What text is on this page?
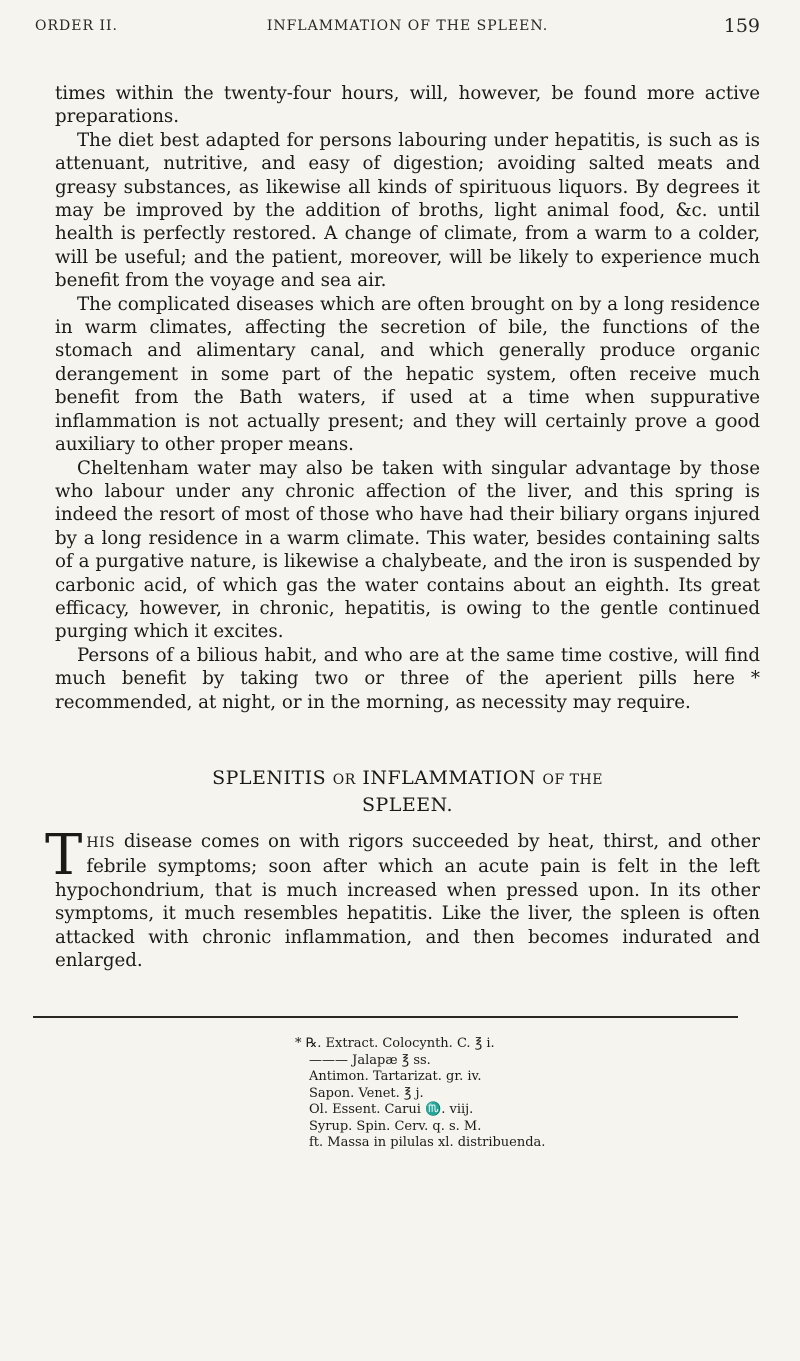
ORDER II.	INFLAMMATION OF THE SPLEEN.	159

times within the twenty-four hours, will, however, be found more active preparations.

The diet best adapted for persons labouring under hepatitis, is such as is attenuant, nutritive, and easy of digestion; avoiding salted meats and greasy substances, as likewise all kinds of spirituous liquors. By degrees it may be improved by the addition of broths, light animal food, &c. until health is perfectly restored. A change of climate, from a warm to a colder, will be useful; and the patient, moreover, will be likely to experience much benefit from the voyage and sea air.

The complicated diseases which are often brought on by a long residence in warm climates, affecting the secretion of bile, the functions of the stomach and alimentary canal, and which generally produce organic derangement in some part of the hepatic system, often receive much benefit from the Bath waters, if used at a time when suppurative inflammation is not actually present; and they will certainly prove a good auxiliary to other proper means.

Cheltenham water may also be taken with singular advantage by those who labour under any chronic affection of the liver, and this spring is indeed the resort of most of those who have had their biliary organs injured by a long residence in a warm climate. This water, besides containing salts of a purgative nature, is likewise a chalybeate, and the iron is suspended by carbonic acid, of which gas the water contains about an eighth. Its great efficacy, however, in chronic, hepatitis, is owing to the gentle continued purging which it excites.

Persons of a bilious habit, and who are at the same time costive, will find much benefit by taking two or three of the aperient pills here * recommended, at night, or in the morning, as necessity may require.

SPLENITIS OR INFLAMMATION OF THE
SPLEEN.
T HIS disease comes on with rigors succeeded by heat, thirst, and other febrile symptoms; soon after which an acute pain is felt in the left hypochondrium, that is much increased when pressed upon. In its other symptoms, it much resembles hepatitis. Like the liver, the spleen is often attacked with chronic inflammation, and then becomes indurated and enlarged.

* ℞. Extract. Colocynth. C. ℥ i.
——— Jalapæ ℥ ss.
Antimon. Tartarizat. gr. iv.
Sapon. Venet. ℥ j.
Ol. Essent. Carui ♏. viij.
Syrup. Spin. Cerv. q. s. M.
ft. Massa in pilulas xl. distribuenda.
